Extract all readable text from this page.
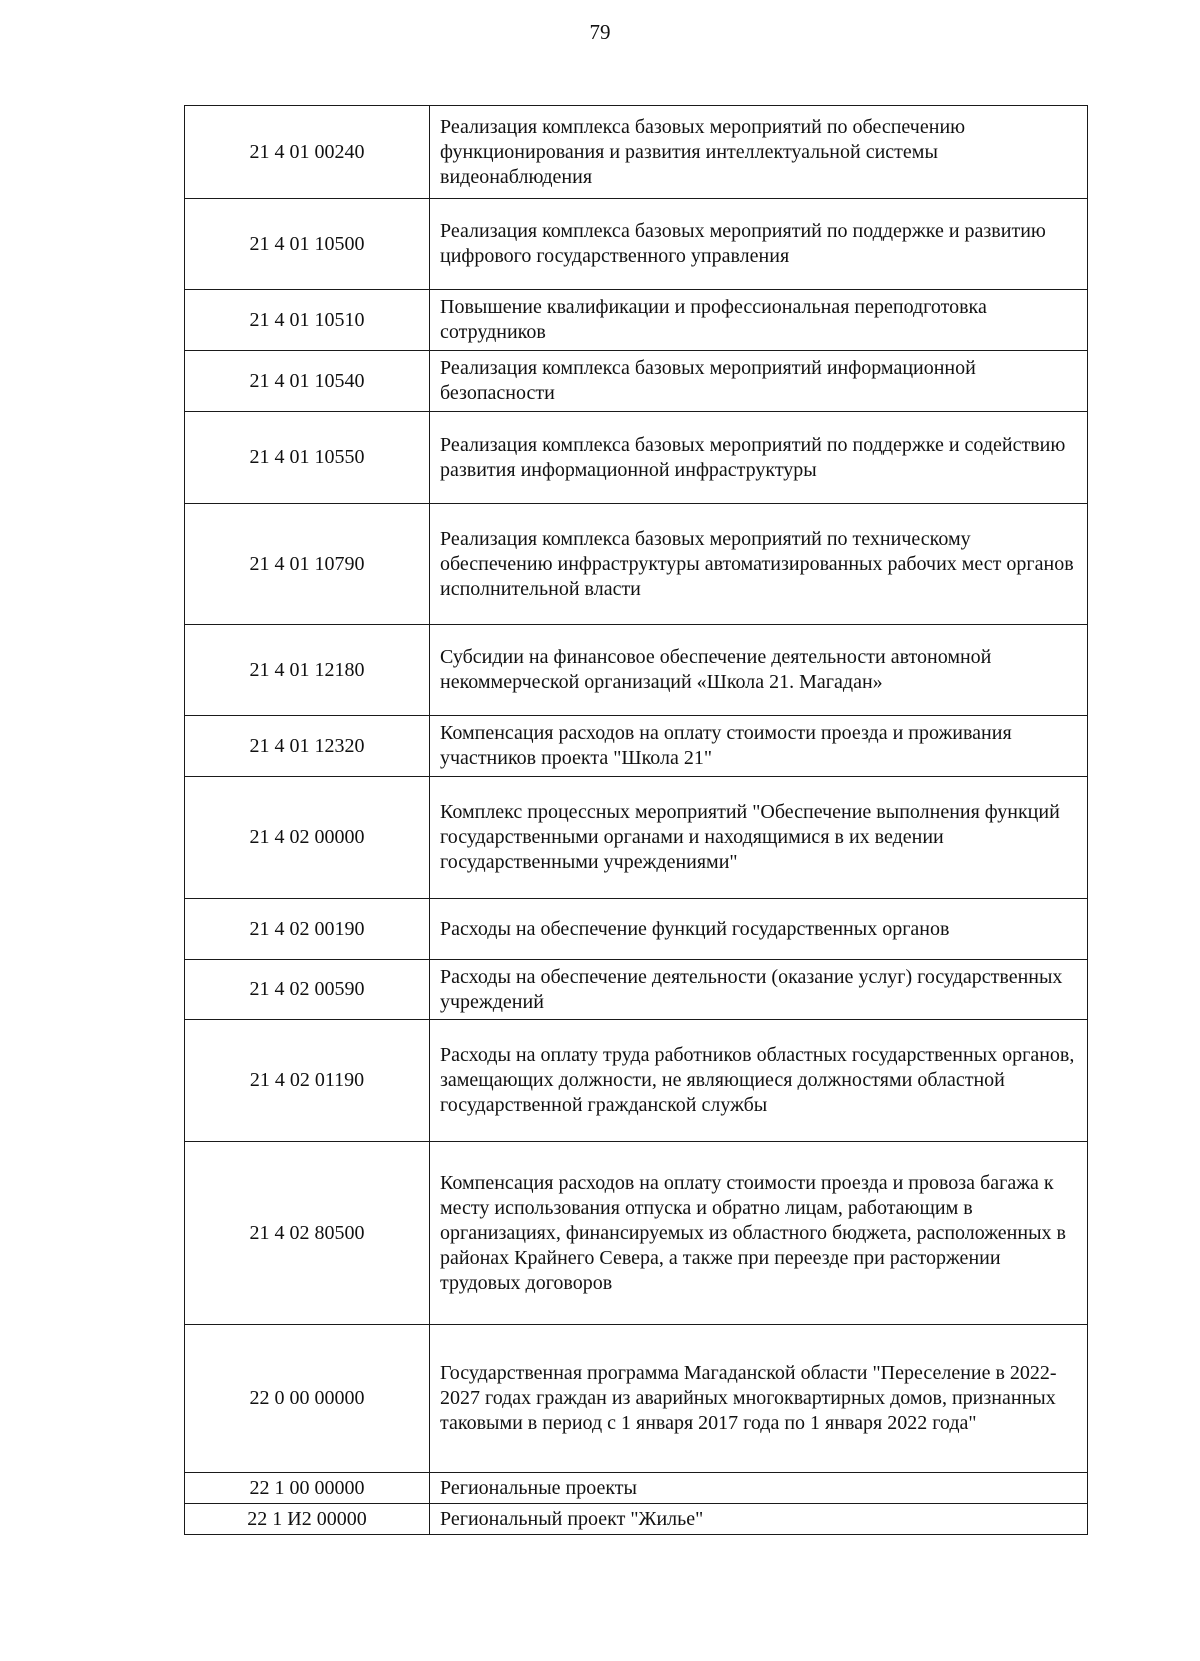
79
21 4 01 00240	Реализация комплекса базовых мероприятий по обеспечению функционирования и развития интеллектуальной системы видеонаблюдения
21 4 01 10500	Реализация комплекса базовых мероприятий по поддержке и развитию цифрового государственного управления
21 4 01 10510	Повышение квалификации и профессиональная переподготовка сотрудников
21 4 01 10540	Реализация комплекса базовых мероприятий информационной безопасности
21 4 01 10550	Реализация комплекса базовых мероприятий по поддержке и содействию развития информационной инфраструктуры
21 4 01 10790	Реализация комплекса базовых мероприятий по техническому обеспечению инфраструктуры автоматизированных рабочих мест органов исполнительной власти
21 4 01 12180	Субсидии на финансовое обеспечение деятельности автономной некоммерческой организаций «Школа 21. Магадан»
21 4 01 12320	Компенсация расходов на оплату стоимости проезда и проживания участников проекта "Школа 21"
21 4 02 00000	Комплекс процессных мероприятий "Обеспечение выполнения функций государственными органами и находящимися в их ведении государственными учреждениями"
21 4 02 00190	Расходы на обеспечение функций государственных органов
21 4 02 00590	Расходы на обеспечение деятельности (оказание услуг) государственных учреждений
21 4 02 01190	Расходы на оплату труда работников областных государственных органов, замещающих должности, не являющиеся должностями областной государственной гражданской службы
21 4 02 80500	Компенсация расходов на оплату стоимости проезда и провоза багажа к месту использования отпуска и обратно лицам, работающим в организациях, финансируемых из областного бюджета, расположенных в районах Крайнего Севера, а также при переезде при расторжении трудовых договоров
22 0 00 00000	Государственная программа Магаданской области "Переселение в 2022-2027 годах граждан из аварийных многоквартирных домов, признанных таковыми в период с 1 января 2017 года по 1 января 2022 года"
22 1 00 00000	Региональные проекты
22 1 И2 00000	Региональный проект "Жилье"
